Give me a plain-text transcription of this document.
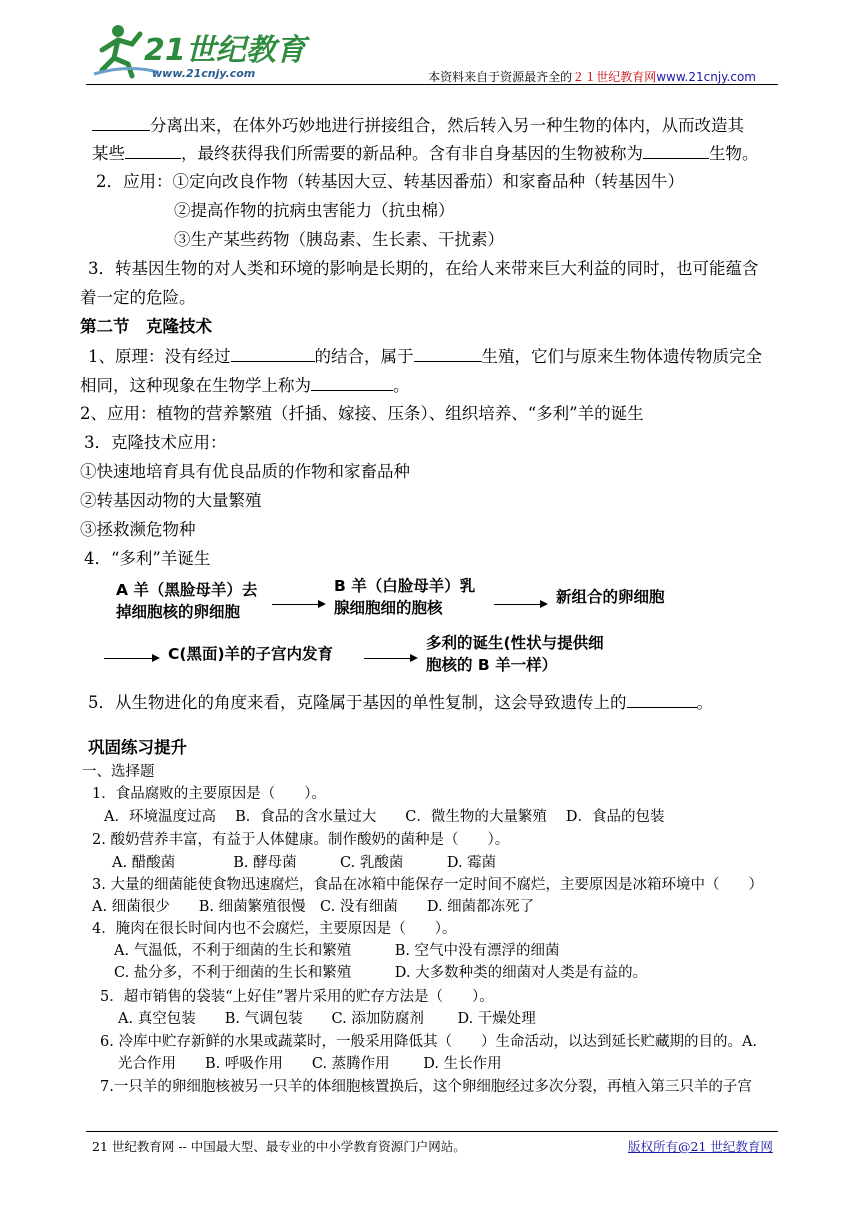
21世纪教育
www.21cnjy.com	本资料来自于资源最齐全的２１世纪教育网www.21cnjy.com
分离出来，在体外巧妙地进行拼接组合，然后转入另一种生物的体内，从而改造其
某些	，最终获得我们所需要的新品种。含有非自身基因的生物被称为	生物。
2．应用：①定向改良作物（转基因大豆、转基因番茄）和家畜品种（转基因牛）
②提高作物的抗病虫害能力（抗虫棉）
③生产某些药物（胰岛素、生长素、干扰素）
3．转基因生物的对人类和环境的影响是长期的，在给人来带来巨大利益的同时，也可能蕴含
着一定的危险。
第二节　克隆技术
1、原理：没有经过	的结合，属于	生殖，它们与原来生物体遗传物质完全
相同，这种现象在生物学上称为	。
2、应用：植物的营养繁殖（扦插、嫁接、压条）、组织培养、“多利”羊的诞生
3．克隆技术应用：
①快速地培育具有优良品质的作物和家畜品种
②转基因动物的大量繁殖
③拯救濒危物种
4．“多利”羊诞生
A 羊（黑脸母羊）去
掉细胞核的卵细胞
B 羊（白脸母羊）乳
腺细胞细的胞核
新组合的卵细胞
C(黑面)羊的子宫内发育
多利的诞生(性状与提供细
胞核的 B 羊一样）
5．从生物进化的角度来看，克隆属于基因的单性复制，这会导致遗传上的	。
巩固练习提升
一、选择题
1．食品腐败的主要原因是（　　）。
A．环境温度过高　 B．食品的含水量过大　　C．微生物的大量繁殖　 D．食品的包装
2. 酸奶营养丰富，有益于人体健康。制作酸奶的菌种是（　　）。
A. 醋酸菌　　　　B. 酵母菌　　　C. 乳酸菌　　　D. 霉菌
3. 大量的细菌能使食物迅速腐烂，食品在冰箱中能保存一定时间不腐烂，主要原因是冰箱环境中（　　）
A. 细菌很少　　B. 细菌繁殖很慢　C. 没有细菌　　D. 细菌都冻死了
4．腌肉在很长时间内也不会腐烂，主要原因是（　　）。
A. 气温低，不利于细菌的生长和繁殖　　　B. 空气中没有漂浮的细菌
C. 盐分多，不利于细菌的生长和繁殖　　　D. 大多数种类的细菌对人类是有益的。
5．超市销售的袋装“上好佳”署片采用的贮存方法是（　　）。
A. 真空包装　　B. 气调包装　　C. 添加防腐剂　　 D. 干燥处理
6. 冷库中贮存新鲜的水果或蔬菜时，一般采用降低其（　　）生命活动，以达到延长贮藏期的目的。A.
光合作用　　B. 呼吸作用　　C. 蒸腾作用　　 D. 生长作用
7.一只羊的卵细胞核被另一只羊的体细胞核置换后，这个卵细胞经过多次分裂，再植入第三只羊的子宫
21 世纪教育网 -- 中国最大型、最专业的中小学教育资源门户网站。	版权所有@21 世纪教育网
